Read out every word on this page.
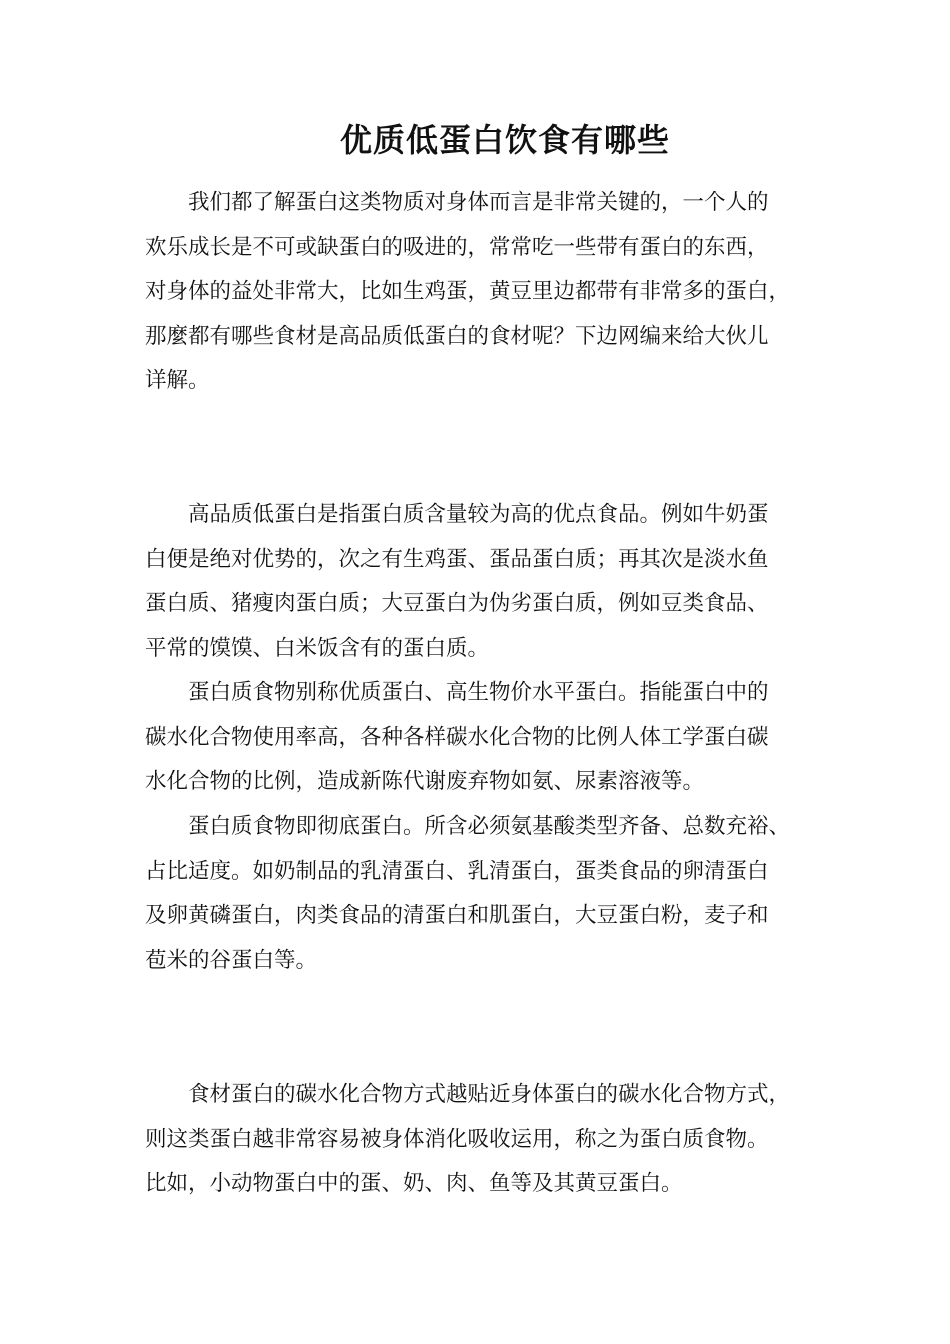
优质低蛋白饮食有哪些
我们都了解蛋白这类物质对身体而言是非常关键的，一个人的
欢乐成长是不可或缺蛋白的吸进的，常常吃一些带有蛋白的东西，
对身体的益处非常大，比如生鸡蛋，黄豆里边都带有非常多的蛋白，
那麼都有哪些食材是高品质低蛋白的食材呢？下边网编来给大伙儿
详解。
高品质低蛋白是指蛋白质含量较为高的优点食品。例如牛奶蛋
白便是绝对优势的，次之有生鸡蛋、蛋品蛋白质；再其次是淡水鱼
蛋白质、猪瘦肉蛋白质；大豆蛋白为伪劣蛋白质，例如豆类食品、
平常的馍馍、白米饭含有的蛋白质。
蛋白质食物别称优质蛋白、高生物价水平蛋白。指能蛋白中的
碳水化合物使用率高，各种各样碳水化合物的比例人体工学蛋白碳
水化合物的比例，造成新陈代谢废弃物如氨、尿素溶液等。
蛋白质食物即彻底蛋白。所含必须氨基酸类型齐备、总数充裕、
占比适度。如奶制品的乳清蛋白、乳清蛋白，蛋类食品的卵清蛋白
及卵黄磷蛋白，肉类食品的清蛋白和肌蛋白，大豆蛋白粉，麦子和
苞米的谷蛋白等。
食材蛋白的碳水化合物方式越贴近身体蛋白的碳水化合物方式，
则这类蛋白越非常容易被身体消化吸收运用，称之为蛋白质食物。
比如，小动物蛋白中的蛋、奶、肉、鱼等及其黄豆蛋白。
